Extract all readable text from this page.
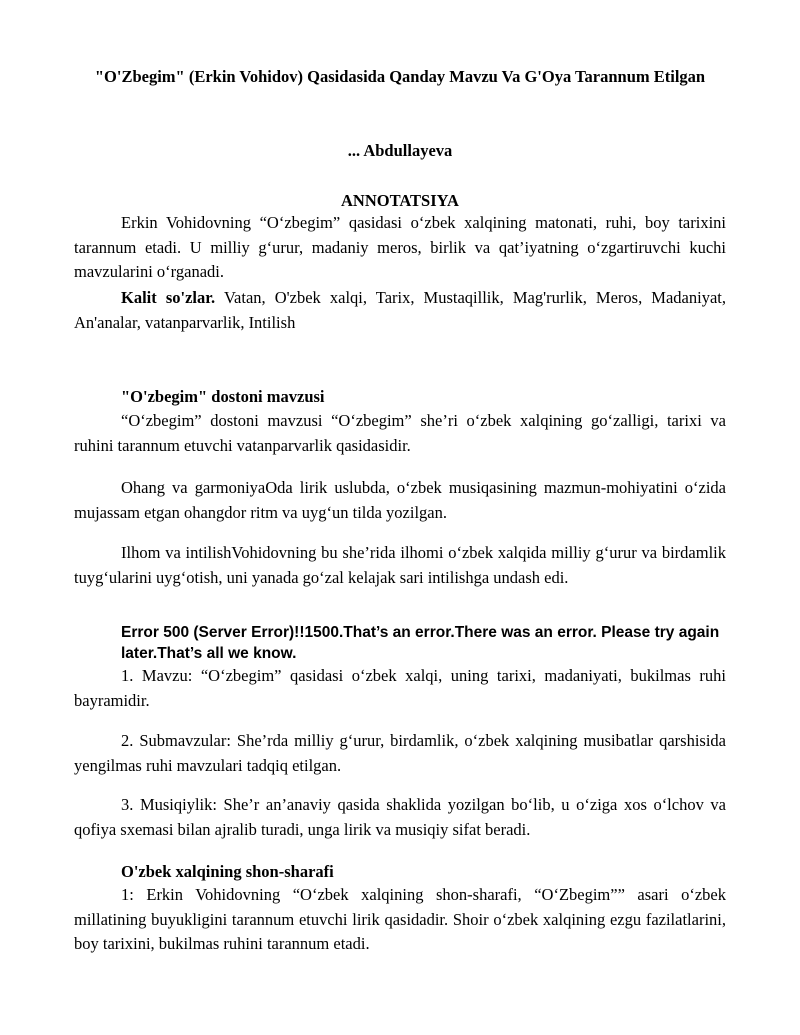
"O'Zbegim" (Erkin Vohidov) Qasidasida Qanday Mavzu Va G'Oya Tarannum Etilgan
... Abdullayeva
ANNOTATSIYA

Erkin Vohidovning “O‘zbegim” qasidasi o‘zbek xalqining matonati, ruhi, boy tarixini tarannum etadi. U milliy g‘urur, madaniy meros, birlik va qat’iyatning o‘zgartiruvchi kuchi mavzularini o‘rganadi.

Kalit so'zlar. Vatan, O'zbek xalqi, Tarix, Mustaqillik, Mag'rurlik, Meros, Madaniyat, An'analar, vatanparvarlik, Intilish

"O'zbegim" dostoni mavzusi

“O‘zbegim” dostoni mavzusi “O‘zbegim” she’ri o‘zbek xalqining go‘zalligi, tarixi va ruhini tarannum etuvchi vatanparvarlik qasidasidir.

Ohang va garmoniyaOda lirik uslubda, o‘zbek musiqasining mazmun-mohiyatini o‘zida mujassam etgan ohangdor ritm va uyg‘un tilda yozilgan.

Ilhom va intilishVohidovning bu she’rida ilhomi o‘zbek xalqida milliy g‘urur va birdamlik tuyg‘ularini uyg‘otish, uni yanada go‘zal kelajak sari intilishga undash edi.

Error 500 (Server Error)!!1500.That’s an error.There was an error. Please try again later.That’s all we know.

1. Mavzu: “O‘zbegim” qasidasi o‘zbek xalqi, uning tarixi, madaniyati, bukilmas ruhi bayramidir.

2. Submavzular: She’rda milliy g‘urur, birdamlik, o‘zbek xalqining musibatlar qarshisida yengilmas ruhi mavzulari tadqiq etilgan.

3. Musiqiylik: She’r an’anaviy qasida shaklida yozilgan bo‘lib, u o‘ziga xos o‘lchov va qofiya sxemasi bilan ajralib turadi, unga lirik va musiqiy sifat beradi.

O'zbek xalqining shon-sharafi

1: Erkin Vohidovning “O‘zbek xalqining shon-sharafi, “O‘Zbegim”” asari o‘zbek millatining buyukligini tarannum etuvchi lirik qasidadir. Shoir o‘zbek xalqining ezgu fazilatlarini, boy tarixini, bukilmas ruhini tarannum etadi.
